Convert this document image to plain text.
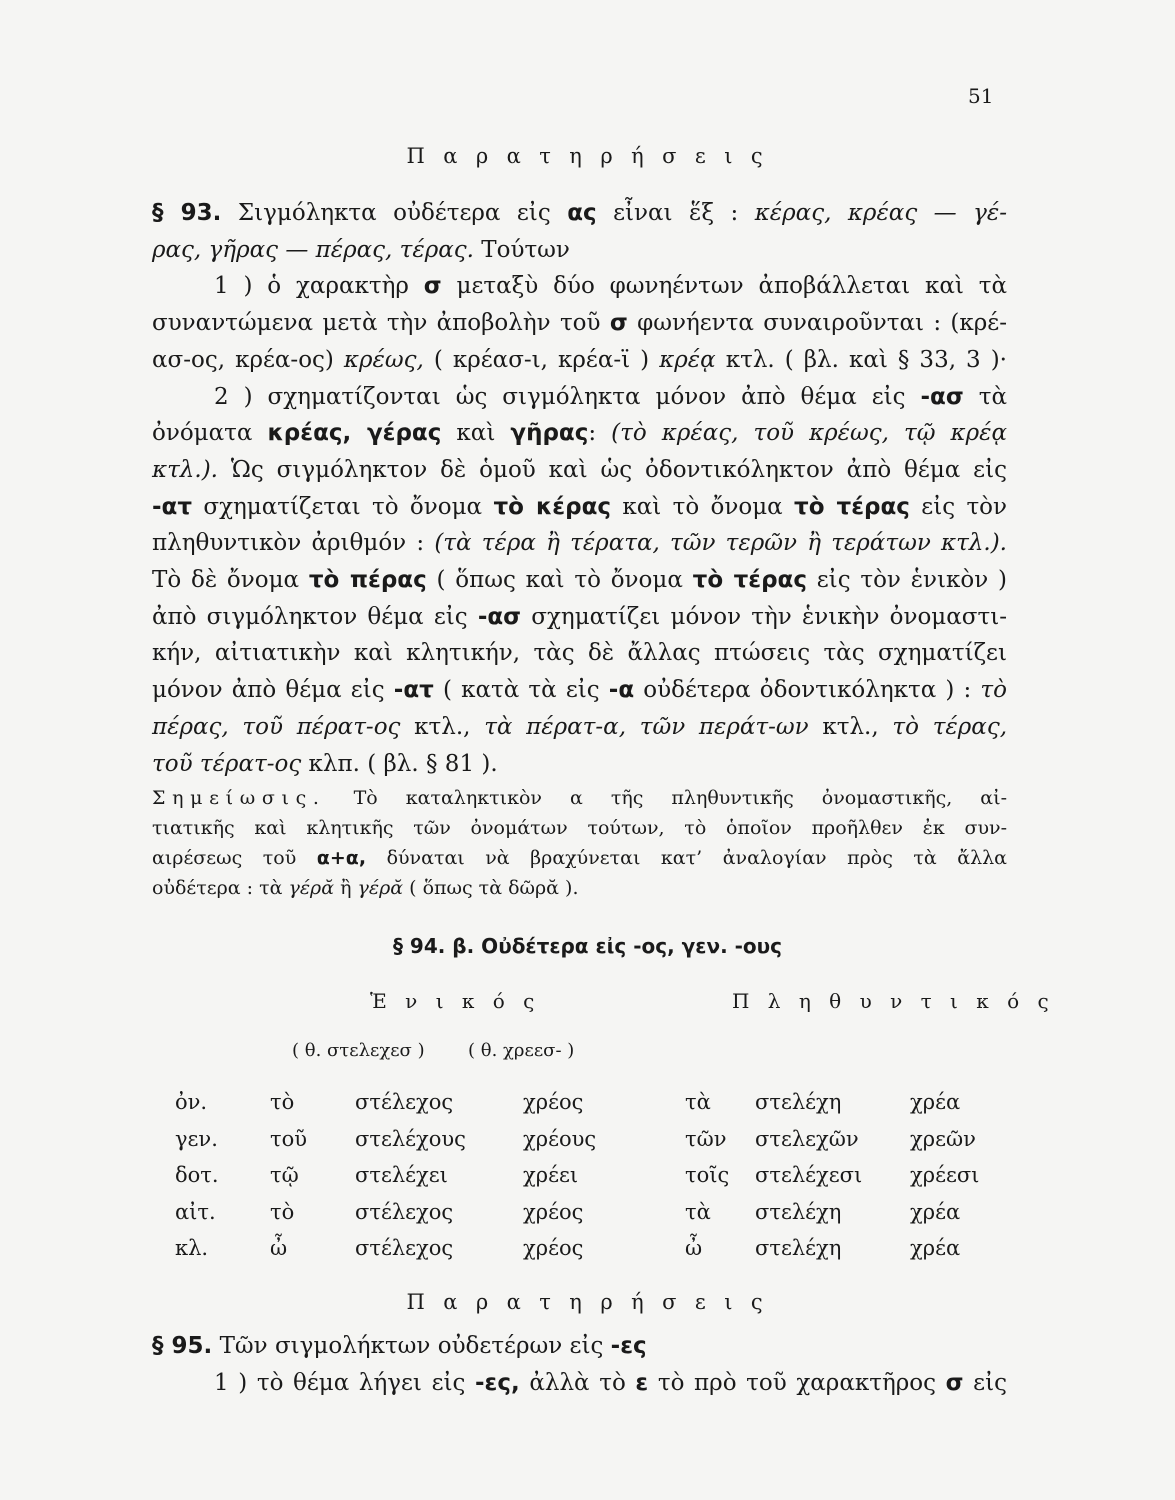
51
Π α ρ α τ η ρ ή σ ε ι ς
§ 93. Σιγμόληκτα οὐδέτερα εἰς ας εἶναι ἕξ : κέρας, κρέας — γέ-
ρας, γῆρας — πέρας, τέρας. Τούτων
1 ) ὁ χαρακτὴρ σ μεταξὺ δύο φωνηέντων ἀποβάλλεται καὶ τὰ
συναντώμενα μετὰ τὴν ἀποβολὴν τοῦ σ φωνήεντα συναιροῦνται : (κρέ-
ασ-ος, κρέα-ος) κρέως, ( κρέασ-ι, κρέα-ϊ ) κρέᾳ κτλ. ( βλ. καὶ § 33, 3 )·
2 ) σχηματίζονται ὡς σιγμόληκτα μόνον ἀπὸ θέμα εἰς -ασ τὰ
ὀνόματα κρέας, γέρας καὶ γῆρας: (τὸ κρέας, τοῦ κρέως, τῷ κρέᾳ
κτλ.). Ὡς σιγμόληκτον δὲ ὁμοῦ καὶ ὡς ὀδοντικόληκτον ἀπὸ θέμα εἰς
-ατ σχηματίζεται τὸ ὄνομα τὸ κέρας καὶ τὸ ὄνομα τὸ τέρας εἰς τὸν
πληθυντικὸν ἀριθμόν : (τὰ τέρα ἢ τέρατα, τῶν τερῶν ἢ τεράτων κτλ.).
Τὸ δὲ ὄνομα τὸ πέρας ( ὅπως καὶ τὸ ὄνομα τὸ τέρας εἰς τὸν ἑνικὸν )
ἀπὸ σιγμόληκτον θέμα εἰς -ασ σχηματίζει μόνον τὴν ἑνικὴν ὀνομαστι-
κήν, αἰτιατικὴν καὶ κλητικήν, τὰς δὲ ἄλλας πτώσεις τὰς σχηματίζει
μόνον ἀπὸ θέμα εἰς -ατ ( κατὰ τὰ εἰς -α οὐδέτερα ὀδοντικόληκτα ) : τὸ
πέρας, τοῦ πέρατ-ος κτλ., τὰ πέρατ-α, τῶν περάτ-ων κτλ., τὸ τέρας,
τοῦ τέρατ-ος κλπ. ( βλ. § 81 ).
Σημείωσις. Τὸ καταληκτικὸν α τῆς πληθυντικῆς ὀνομαστικῆς, αἰ-
τιατικῆς καὶ κλητικῆς τῶν ὀνομάτων τούτων, τὸ ὁποῖον προῆλθεν ἐκ συν-
αιρέσεως τοῦ α+α, δύναται νὰ βραχύνεται κατ’ ἀναλογίαν πρὸς τὰ ἄλλα
οὐδέτερα : τὰ γέρᾰ ἢ γέρᾰ ( ὅπως τὰ δῶρᾰ ).
§ 94. β. Οὐδέτερα εἰς -ος, γεν. -ους
Ἑ ν ι κ ό ς	Π λ η θ υ ν τ ι κ ό ς
( θ. στελεχεσ ) ( θ. χρεεσ- )
ὀν.	τὸ	στέλεχος	χρέος	τὰ	στελέχη	χρέα
γεν.	τοῦ	στελέχους	χρέους	τῶν	στελεχῶν	χρεῶν
δοτ.	τῷ	στελέχει	χρέει	τοῖς	στελέχεσι	χρέεσι
αἰτ.	τὸ	στέλεχος	χρέος	τὰ	στελέχη	χρέα
κλ.	ὦ	στέλεχος	χρέος	ὦ	στελέχη	χρέα
Π α ρ α τ η ρ ή σ ε ι ς
§ 95. Τῶν σιγμολήκτων οὐδετέρων εἰς -ες
1 ) τὸ θέμα λήγει εἰς -ες, ἀλλὰ τὸ ε τὸ πρὸ τοῦ χαρακτῆρος σ εἰς
